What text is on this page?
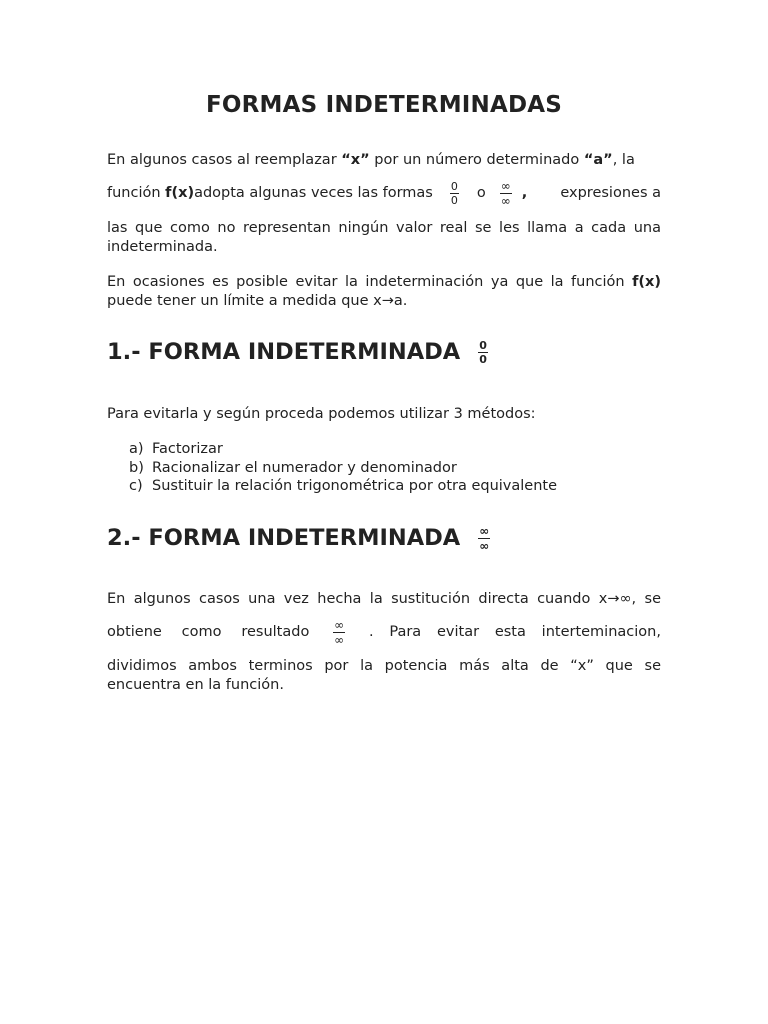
FORMAS INDETERMINADAS
En algunos casos al reemplazar “x” por un número determinado “a”, la
función
f(x) adopta algunas veces las formas $\frac{0}{0}$ o $\frac{\infty}{\infty}$ , expresiones a
las que como no representan ningún valor real se les llama a cada una indeterminada.
En ocasiones es posible evitar la indeterminación ya que la función f(x) puede tener un límite a medida que x→a.
1.- FORMA INDETERMINADA $\frac{0}{0}$
Para evitarla y según proceda podemos utilizar 3 métodos:
a) Factorizar
b) Racionalizar el numerador y denominador
c) Sustituir la relación trigonométrica por otra equivalente
2.- FORMA INDETERMINADA $\frac{\infty}{\infty}$
En algunos casos una vez hecha la sustitución directa cuando x→∞, se
obtiene como resultado $\frac{\infty}{\infty}$ . Para evitar esta interteminacion,
dividimos ambos terminos por la potencia más alta de “x” que se encuentra en la función.
